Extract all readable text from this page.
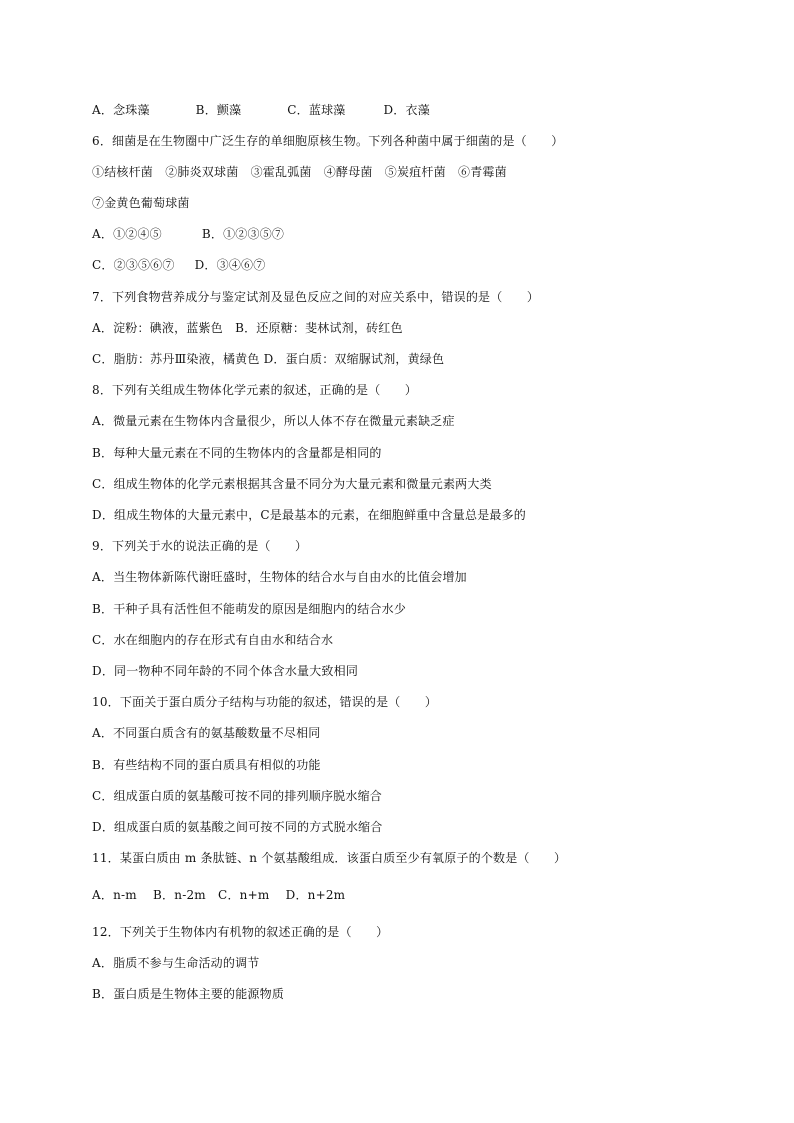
A．念珠藻	B．颤藻	C．蓝球藻	D．衣藻
6．细菌是在生物圈中广泛生存的单细胞原核生物。下列各种菌中属于细菌的是（　　）
①结核杆菌　②肺炎双球菌　③霍乱弧菌　④酵母菌　⑤炭疽杆菌　⑥青霉菌
⑦金黄色葡萄球菌
A．①②④⑤	B．①②③⑤⑦
C．②③⑤⑥⑦ D．③④⑥⑦
7．下列食物营养成分与鉴定试剂及显色反应之间的对应关系中，错误的是（　　）
A．淀粉：碘液，蓝紫色　B．还原糖：斐林试剂，砖红色
C．脂肪：苏丹Ⅲ染液，橘黄色 D．蛋白质：双缩脲试剂，黄绿色
8．下列有关组成生物体化学元素的叙述，正确的是（　　）
A．微量元素在生物体内含量很少，所以人体不存在微量元素缺乏症
B．每种大量元素在不同的生物体内的含量都是相同的
C．组成生物体的化学元素根据其含量不同分为大量元素和微量元素两大类
D．组成生物体的大量元素中，C是最基本的元素，在细胞鲜重中含量总是最多的
9．下列关于水的说法正确的是（　　）
A．当生物体新陈代谢旺盛时，生物体的结合水与自由水的比值会增加
B．干种子具有活性但不能萌发的原因是细胞内的结合水少
C．水在细胞内的存在形式有自由水和结合水
D．同一物种不同年龄的不同个体含水量大致相同
10．下面关于蛋白质分子结构与功能的叙述，错误的是（　　）
A．不同蛋白质含有的氨基酸数量不尽相同
B．有些结构不同的蛋白质具有相似的功能
C．组成蛋白质的氨基酸可按不同的排列顺序脱水缩合
D．组成蛋白质的氨基酸之间可按不同的方式脱水缩合
11．某蛋白质由 m 条肽链、n 个氨基酸组成．该蛋白质至少有氧原子的个数是（　　）
A．n-m　 B．n-2m　C．n+m　 D．n+2m
12．下列关于生物体内有机物的叙述正确的是（　　）
A．脂质不参与生命活动的调节
B．蛋白质是生物体主要的能源物质
